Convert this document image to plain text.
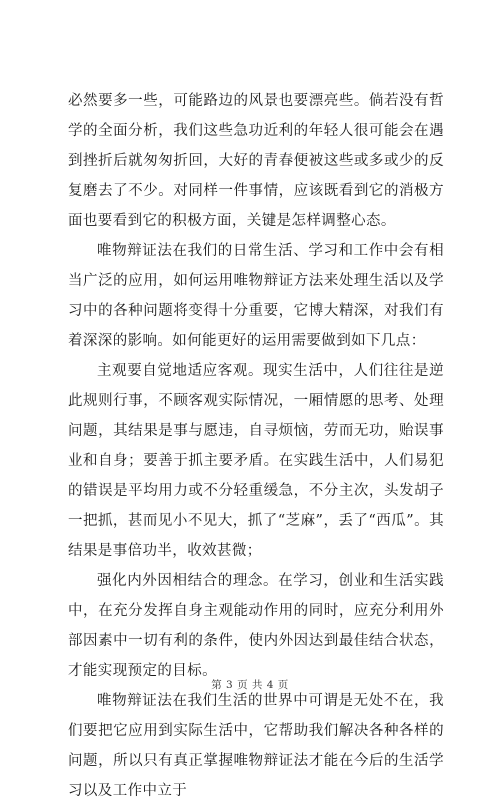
必然要多一些，可能路边的风景也要漂亮些。倘若没有哲学的全面分析，我们这些急功近利的年轻人很可能会在遇到挫折后就匆匆折回，大好的青春便被这些或多或少的反复磨去了不少。对同样一件事情，应该既看到它的消极方面也要看到它的积极方面，关键是怎样调整心态。

唯物辩证法在我们的日常生活、学习和工作中会有相当广泛的应用，如何运用唯物辩证方法来处理生活以及学习中的各种问题将变得十分重要，它博大精深，对我们有着深深的影响。如何能更好的运用需要做到如下几点：

主观要自觉地适应客观。现实生活中，人们往往是逆此规则行事，不顾客观实际情况，一厢情愿的思考、处理问题，其结果是事与愿违，自寻烦恼，劳而无功，贻误事业和自身；要善于抓主要矛盾。在实践生活中，人们易犯的错误是平均用力或不分轻重缓急，不分主次，头发胡子一把抓，甚而见小不见大，抓了“芝麻”，丢了“西瓜”。其结果是事倍功半，收效甚微；

强化内外因相结合的理念。在学习，创业和生活实践中，在充分发挥自身主观能动作用的同时，应充分利用外部因素中一切有利的条件，使内外因达到最佳结合状态，才能实现预定的目标。

唯物辩证法在我们生活的世界中可谓是无处不在，我们要把它应用到实际生活中，它帮助我们解决各种各样的问题，所以只有真正掌握唯物辩证法才能在今后的生活学习以及工作中立于

第 3 页 共 4 页
